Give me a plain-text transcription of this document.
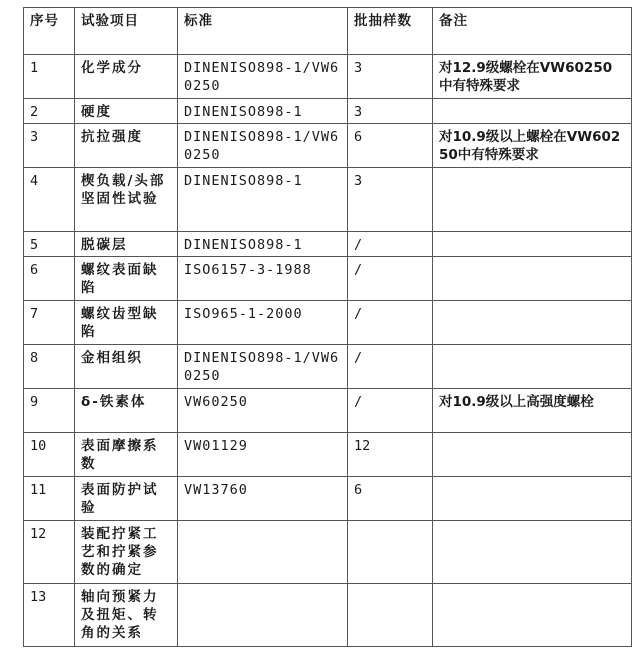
序号	试验项目	标准	批抽样数	备注
1	化学成分	DINENISO898-1/VW60250	3	对12.9级螺栓在VW60250中有特殊要求
2	硬度	DINENISO898-1	3	
3	抗拉强度	DINENISO898-1/VW60250	6	对10.9级以上螺栓在VW60250中有特殊要求
4	楔负载/头部坚固性试验	DINENISO898-1	3	
5	脱碳层	DINENISO898-1	/	
6	螺纹表面缺陷	ISO6157-3-1988	/	
7	螺纹齿型缺陷	ISO965-1-2000	/	
8	金相组织	DINENISO898-1/VW60250	/	
9	δ-铁素体	VW60250	/	对10.9级以上高强度螺栓
10	表面摩擦系数	VW01129	12	
11	表面防护试验	VW13760	6	
12	装配拧紧工艺和拧紧参数的确定			
13	轴向预紧力及扭矩、转角的关系			
